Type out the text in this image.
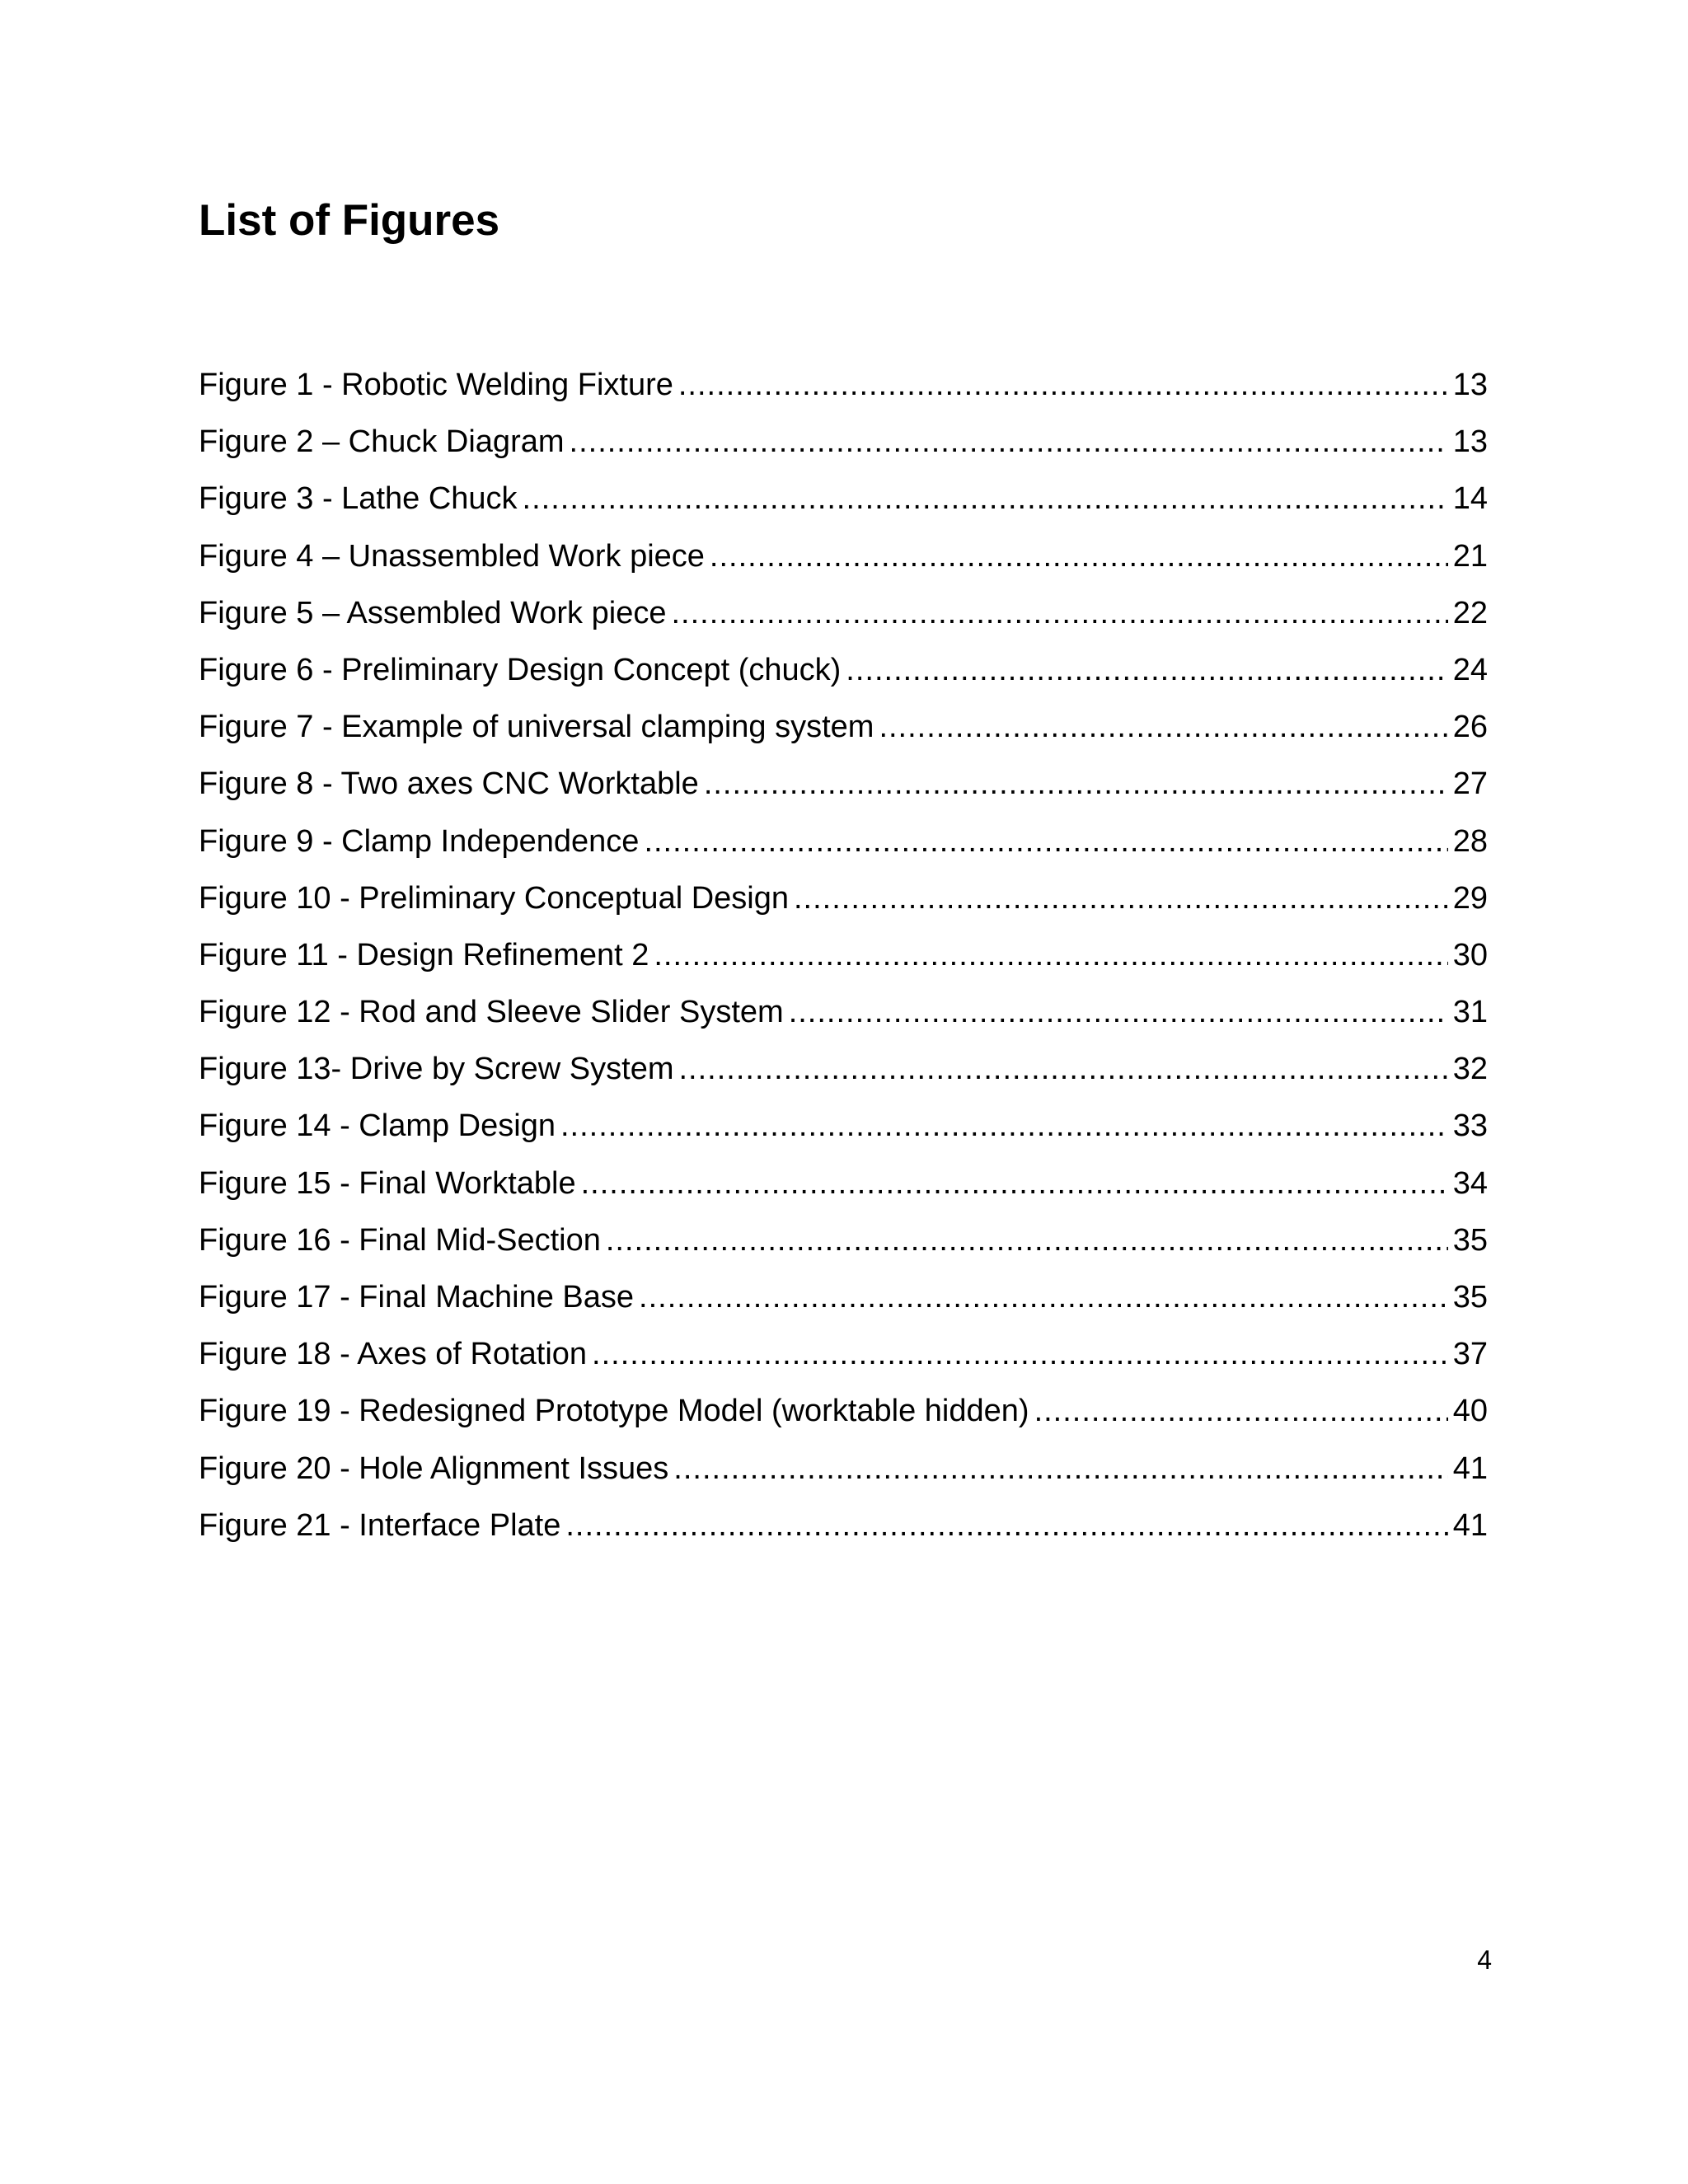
List of Figures
Figure 1 - Robotic Welding Fixture .....	13
Figure 2 – Chuck Diagram .....	13
Figure 3 - Lathe Chuck .....	14
Figure 4 – Unassembled Work piece .....	21
Figure 5 – Assembled Work piece .....	22
Figure 6 - Preliminary Design Concept (chuck) .....	24
Figure 7 - Example of universal clamping system .....	26
Figure 8 - Two axes CNC Worktable .....	27
Figure 9 - Clamp Independence .....	28
Figure 10 - Preliminary Conceptual Design .....	29
Figure 11 - Design Refinement 2 .....	30
Figure 12 - Rod and Sleeve Slider System .....	31
Figure 13- Drive by Screw System .....	32
Figure 14 - Clamp Design .....	33
Figure 15 - Final Worktable .....	34
Figure 16 - Final Mid-Section .....	35
Figure 17 - Final Machine Base .....	35
Figure 18 - Axes of Rotation .....	37
Figure 19 - Redesigned Prototype Model (worktable hidden) .....	40
Figure 20 - Hole Alignment Issues .....	41
Figure 21 - Interface Plate .....	41

4
